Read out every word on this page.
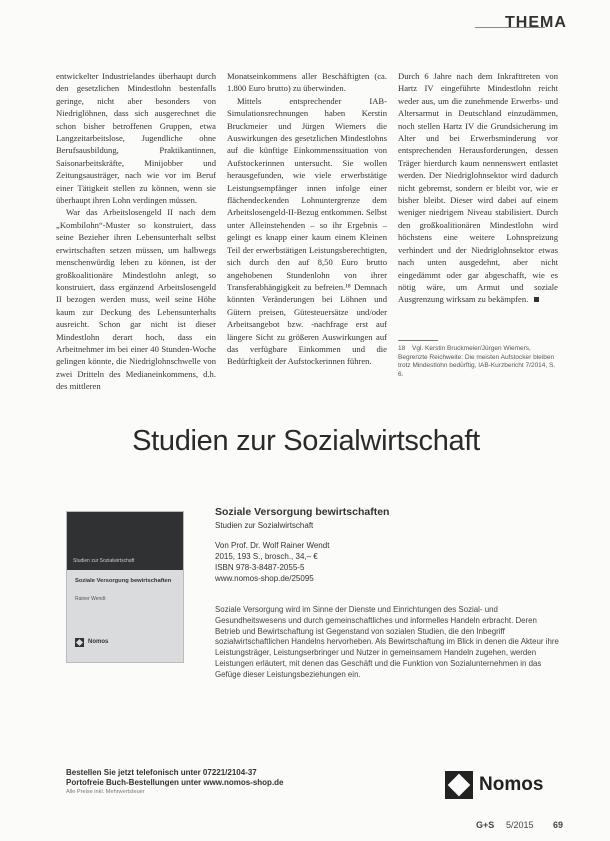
THEMA

entwickelter Industrielandes überhaupt durch den gesetzlichen Mindestlohn bestenfalls geringe, nicht aber besonders von Niedriglöhnen, dass sich ausgerechnet die schon bisher betroffenen Gruppen, etwa Langzeitarbeitslose, Jugendliche ohne Berufsausbildung, Praktikantinnen, Saisonarbeitskräfte, Minijobber und Zeitungsausträger, nach wie vor im Beruf einer Tätigkeit stellen zu können, wenn sie überhaupt ihren Lohn verdingen müssen.

War das Arbeitslosengeld II nach dem „Kombilohn“-Muster so konstruiert, dass seine Bezieher ihren Lebensunterhalt selbst erwirtschaften setzen müssen, um halbwegs menschenwürdig leben zu können, ist der großkoalitionäre Mindestlohn anlegt, so konstruiert, dass ergänzend Arbeitslosengeld II bezogen werden muss, weil seine Höhe kaum zur Deckung des Lebensunterhalts ausreicht. Schon gar nicht ist dieser Mindestlohn derart hoch, dass ein Arbeitnehmer im bei einer 40 Stunden-Woche gelingen könnte, die Niedriglohnschwelle von zwei Dritteln des Medianeinkommens, d.h. des mittleren

Monatseinkommens aller Beschäftigten (ca. 1.800 Euro brutto) zu überwinden.

Mittels entsprechender IAB-Simulationsrechnungen haben Kerstin Bruckmeier und Jürgen Wiemers die Auswirkungen des gesetzlichen Mindestlohns auf die künftige Einkommenssituation von Aufstockerinnen untersucht. Sie wollen herausgefunden, wie viele erwerbstätige Leistungsempfänger innen infolge einer flächendeckenden Lohnuntergrenze dem Arbeitslosengeld-II-Bezug entkommen. Selbst unter Alleinstehenden – so ihr Ergebnis – gelingt es knapp einer kaum einem Kleinen Teil der erwerbstätigen Leistungsberechtigten, sich durch den auf 8,50 Euro brutto angehobenen Stundenlohn von ihrer Transferabhängigkeit zu befreien.¹⁸ Demnach könnten Veränderungen bei Löhnen und Gütern preisen, Gütesteuersätze und/oder Arbeitsangebot bzw. -nachfrage erst auf längere Sicht zu größeren Auswirkungen auf das verfügbare Einkommen und die Bedürftigkeit der Aufstockerinnen führen.

Durch 6 Jahre nach dem Inkrafttreten von Hartz IV eingeführte Mindestlohn reicht weder aus, um die zunehmende Erwerbs- und Altersarmut in Deutschland einzudämmen, noch stellen Hartz IV die Grundsicherung im Alter und bei Erwerbsminderung vor entsprechenden Herausforderungen, dessen Träger hierdurch kaum nennenswert entlastet werden. Der Niedriglohnsektor wird dadurch nicht gebremst, sondern er bleibt vor, wie er bisher bleibt. Dieser wird dabei auf einem weniger niedrigem Niveau stabilisiert. Durch den großkoalitionären Mindestlohn wird höchstens eine weitere Lohnspreizung verhindert und der Niedriglohnsektor etwas nach unten ausgedehnt, aber nicht eingedämmt oder gar abgeschafft, wie es nötig wäre, um Armut und soziale Ausgrenzung wirksam zu bekämpfen.

18 Vgl. Kerstin Bruckmeier/Jürgen Wiemers, Begrenzte Reichweite: Die meisten Aufstocker bleiben trotz Mindestlohn bedürftig, IAB-Kurzbericht 7/2014, S. 6.
Studien zur Sozialwirtschaft
Studien zur Sozialwirtschaft
Soziale Versorgung bewirtschaften
Rainer Wendt
Nomos
Soziale Versorgung bewirtschaften
Studien zur Sozialwirtschaft
Von Prof. Dr. Wolf Rainer Wendt
2015, 193 S., brosch., 34,– €
ISBN 978-3-8487-2055-5
www.nomos-shop.de/25095
Soziale Versorgung wird im Sinne der Dienste und Einrichtungen des Sozial- und Gesundheitswesens und durch gemeinschaftliches und informelles Handeln erbracht. Deren Betrieb und Bewirtschaftung ist Gegenstand von sozialen Studien, die den Inbegriff sozialwirtschaftlichen Handelns hervorheben. Als Bewirtschaftung im Blick in denen die Akteur ihre Leistungsträger, Leistungserbringer und Nutzer in gemeinsamem Handeln zugehen, werden Leistungen erläutert, mit denen das Geschäft und die Funktion von Sozialunternehmen in das Gefüge dieser Leistungsbeziehungen ein.
Bestellen Sie jetzt telefonisch unter 07221/2104-37
Portofreie Buch-Bestellungen unter www.nomos-shop.de
Alle Preise inkl. Mehrwertsteuer	Nomos
G+S 5/2015 69
